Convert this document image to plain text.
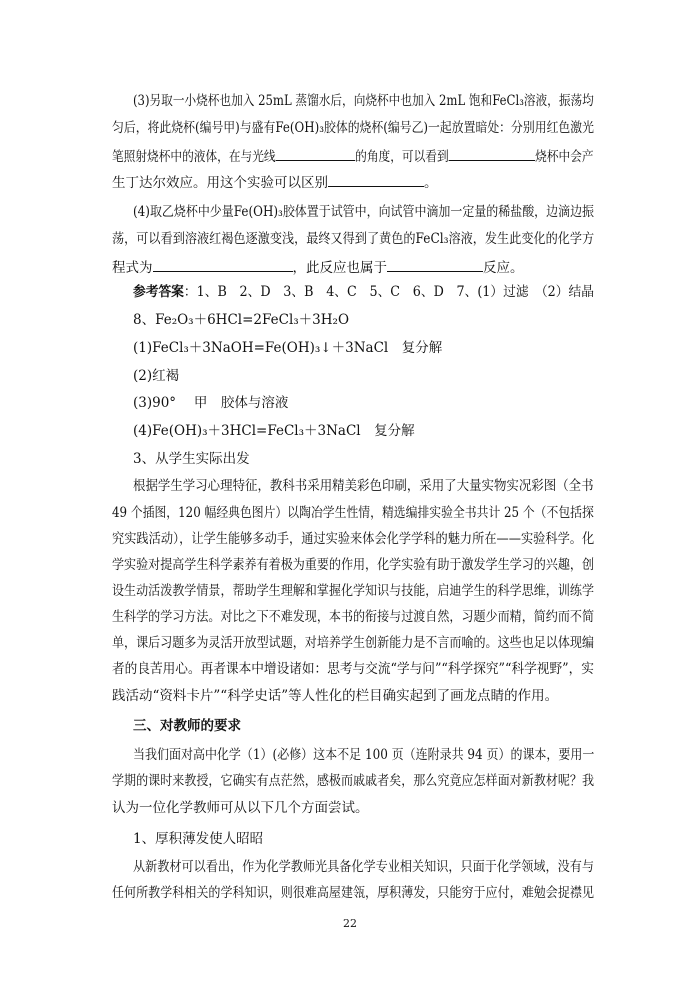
(3)另取一小烧杯也加入 25mL 蒸馏水后，向烧杯中也加入 2mL 饱和FeCl₃溶液，振荡均

匀后，将此烧杯(编号甲)与盛有Fe(OH)₃胶体的烧杯(编号乙)一起放置暗处：分别用红色激光

笔照射烧杯中的液体，在与光线	的角度，可以看到	烧杯中会产

生丁达尔效应。用这个实验可以区别	。

(4)取乙烧杯中少量Fe(OH)₃胶体置于试管中，向试管中滴加一定量的稀盐酸，边滴边振

荡，可以看到溶液红褐色逐激变浅，最终又得到了黄色的FeCl₃溶液，发生此变化的化学方

程式为	，此反应也属于	反应。

参考答案：1、B　2、D　3、B　4、C　5、C　6、D　7、(1）过滤　（2）结晶

8、Fe₂O₃＋6HCl=2FeCl₃＋3H₂O

(1)FeCl₃＋3NaOH=Fe(OH)₃↓＋3NaCl　复分解

(2)红褐

(3)90°　 甲　胶体与溶液

(4)Fe(OH)₃＋3HCl=FeCl₃＋3NaCl　复分解

3、从学生实际出发

根据学生学习心理特征，教科书采用精美彩色印刷，采用了大量实物实况彩图（全书

49 个插图，120 幅经典色图片）以陶冶学生性情，精选编排实验全书共计 25 个（不包括探

究实践活动），让学生能够多动手，通过实验来体会化学学科的魅力所在——实验科学。化

学实验对提高学生科学素养有着极为重要的作用，化学实验有助于激发学生学习的兴趣，创

设生动活泼教学情景，帮助学生理解和掌握化学知识与技能，启迪学生的科学思维，训练学

生科学的学习方法。对比之下不难发现，本书的衔接与过渡自然，习题少而精，简约而不简

单，课后习题多为灵活开放型试题，对培养学生创新能力是不言而喻的。这些也足以体现编

者的良苦用心。再者课本中增设诸如：思考与交流“学与问”“科学探究”“科学视野”，实

践活动“资料卡片”“科学史话”等人性化的栏目确实起到了画龙点睛的作用。

三、对教师的要求

当我们面对高中化学（1）(必修）这本不足 100 页（连附录共 94 页）的课本，要用一

学期的课时来教授，它确实有点茫然，感极而戚戚者矣，那么究竟应怎样面对新教材呢？我

认为一位化学教师可从以下几个方面尝试。

1、厚积薄发使人昭昭

从新教材可以看出，作为化学教师光具备化学专业相关知识，只面于化学领域，没有与

任何所教学科相关的学科知识，则很难高屋建瓴，厚积薄发，只能穷于应付，难勉会捉襟见

22
